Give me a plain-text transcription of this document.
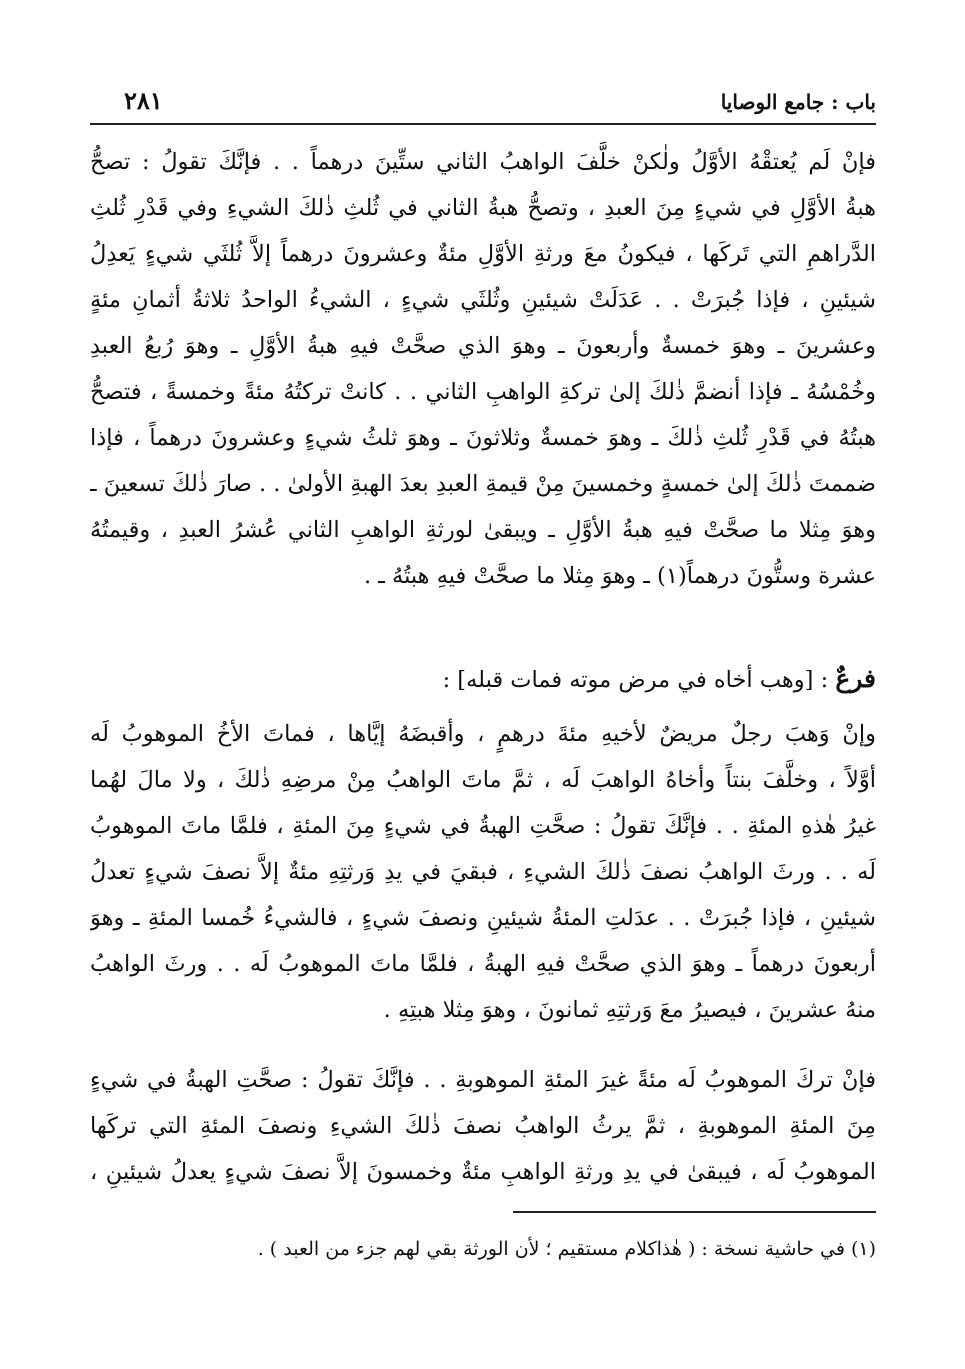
٢٨١	باب : جامع الوصايا
فإنْ لَم يُعتقْهُ الأوَّلُ ولٰكنْ خلَّفَ الواهبُ الثاني ستِّينَ درهماً . . فإنَّكَ تقولُ : تصحُّ
هبةُ الأوَّلِ في شيءٍ مِنَ العبدِ ، وتصحُّ هبةُ الثاني في ثُلثِ ذٰلكَ الشيءِ وفي قَدْرِ ثُلثِ
الدَّراهمِ التي تَركَها ، فيكونُ معَ ورثةِ الأوَّلِ مئةٌ وعشرونَ درهماً إلاَّ ثُلثَي شيءٍ يَعدِلُ
شيئينِ ، فإذا جُبرَتْ . . عَدَلَتْ شيئينِ وثُلثَي شيءٍ ، الشيءُ الواحدُ ثلاثةُ أثمانِ مئةٍ
وعشرينَ ـ وهوَ خمسةٌ وأربعونَ ـ وهوَ الذي صحَّتْ فيهِ هبةُ الأوَّلِ ـ وهوَ رُبعُ العبدِ
وخُمْسُهُ ـ فإذا أنضمَّ ذٰلكَ إلىٰ تركةِ الواهبِ الثاني . . كانتْ تركتُهُ مئةً وخمسةً ، فتصحُّ
هبتُهُ في قَدْرِ ثُلثِ ذٰلكَ ـ وهوَ خمسةٌ وثلاثونَ ـ وهوَ ثلثُ شيءٍ وعشرونَ درهماً ، فإذا
ضممتَ ذٰلكَ إلىٰ خمسةٍ وخمسينَ مِنْ قيمةِ العبدِ بعدَ الهبةِ الأولىٰ . . صارَ ذٰلكَ تسعينَ ـ
وهوَ مِثلا ما صحَّتْ فيهِ هبةُ الأوَّلِ ـ ويبقىٰ لورثةِ الواهبِ الثاني عُشرُ العبدِ ، وقيمتُهُ
عشرة وستُّونَ درهماً(١) ـ وهوَ مِثلا ما صحَّتْ فيهِ هبتُهُ ـ .
فرعٌ : [وهب أخاه في مرض موته فمات قبله] :
وإنْ وَهبَ رجلٌ مريضٌ لأخيهِ مئةَ درهمٍ ، وأقبضَهُ إيَّاها ، فماتَ الأخُ الموهوبُ لَه
أوَّلاً ، وخلَّفَ بنتاً وأخاهُ الواهبَ لَه ، ثمَّ ماتَ الواهبُ مِنْ مرضِهِ ذٰلكَ ، ولا مالَ لهُما
غيرُ هٰذهِ المئةِ . . فإنَّكَ تقولُ : صحَّتِ الهبةُ في شيءٍ مِنَ المئةِ ، فلمَّا ماتَ الموهوبُ
لَه . . ورثَ الواهبُ نصفَ ذٰلكَ الشيءِ ، فبقيَ في يدِ وَرثتِهِ مئةٌ إلاَّ نصفَ شيءٍ تعدلُ
شيئينِ ، فإذا جُبرَتْ . . عدَلتِ المئةُ شيئينِ ونصفَ شيءٍ ، فالشيءُ خُمسا المئةِ ـ وهوَ
أربعونَ درهماً ـ وهوَ الذي صحَّتْ فيهِ الهبةُ ، فلمَّا ماتَ الموهوبُ لَه . . ورثَ الواهبُ
منهُ عشرينَ ، فيصيرُ معَ وَرثتِهِ ثمانونَ ، وهوَ مِثلا هبتِهِ .
فإنْ تركَ الموهوبُ لَه مئةً غيرَ المئةِ الموهوبةِ . . فإنَّكَ تقولُ : صحَّتِ الهبةُ في شيءٍ
مِنَ المئةِ الموهوبةِ ، ثمَّ يرثُ الواهبُ نصفَ ذٰلكَ الشيءِ ونصفَ المئةِ التي تركَها
الموهوبُ لَه ، فيبقىٰ في يدِ ورثةِ الواهبِ مئةٌ وخمسونَ إلاَّ نصفَ شيءٍ يعدلُ شيئينِ ،
(١) في حاشية نسخة : ( هٰذاكلام مستقيم ؛ لأن الورثة بقي لهم جزء من العبد ) .
